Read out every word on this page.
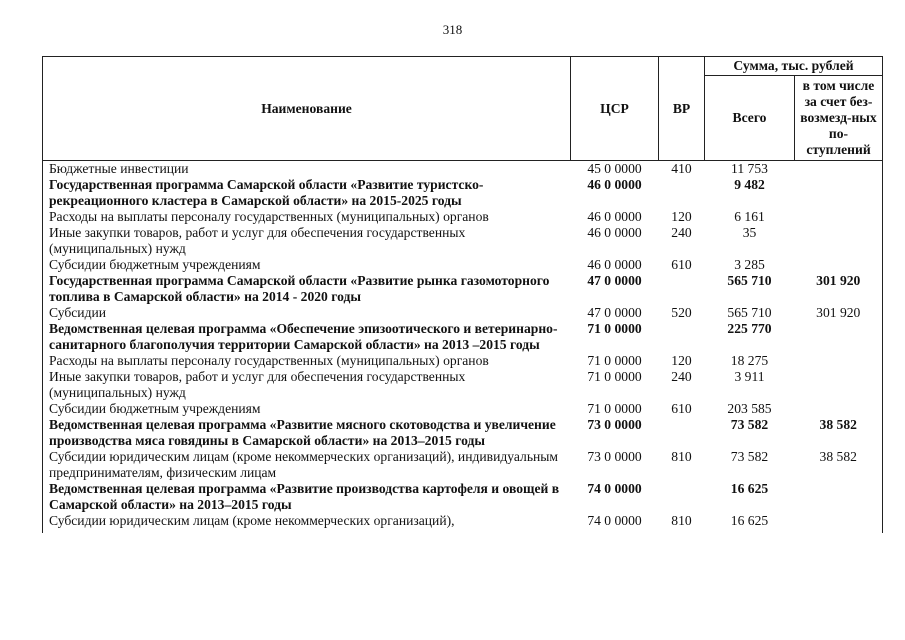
318
Наименование	ЦСР	ВР	Сумма, тыс. рублей	
			Всего	в том числе за счет без-возмезд-ных по-ступлений
Бюджетные инвестиции	45 0 0000	410	11 753	
Государственная программа Самарской области «Развитие туристско-рекреационного кластера в Самарской области» на 2015-2025 годы	46 0 0000		9 482	
Расходы на выплаты персоналу государственных (муниципальных) органов	46 0 0000	120	6 161	
Иные закупки товаров, работ и услуг для обеспечения государственных (муниципальных) нужд	46 0 0000	240	35	
Субсидии бюджетным учреждениям	46 0 0000	610	3 285	
Государственная программа Самарской области «Развитие рынка газомоторного топлива в Самарской области» на 2014 - 2020 годы	47 0 0000		565 710	301 920
Субсидии	47 0 0000	520	565 710	301 920
Ведомственная целевая программа «Обеспечение эпизоотического и ветеринарно-санитарного благополучия территории Самарской области» на 2013 –2015 годы	71 0 0000		225 770	
Расходы на выплаты персоналу государственных (муниципальных) органов	71 0 0000	120	18 275	
Иные закупки товаров, работ и услуг для обеспечения государственных (муниципальных) нужд	71 0 0000	240	3 911	
Субсидии бюджетным учреждениям	71 0 0000	610	203 585	
Ведомственная целевая программа «Развитие мясного скотоводства и увеличение производства мяса говядины в Самарской области» на 2013–2015 годы	73 0 0000		73 582	38 582
Субсидии юридическим лицам (кроме некоммерческих организаций), индивидуальным предпринимателям, физическим лицам	73 0 0000	810	73 582	38 582
Ведомственная целевая программа «Развитие производства картофеля и овощей в Самарской области» на 2013–2015 годы	74 0 0000		16 625	
Субсидии юридическим лицам (кроме некоммерческих организаций),	74 0 0000	810	16 625	
